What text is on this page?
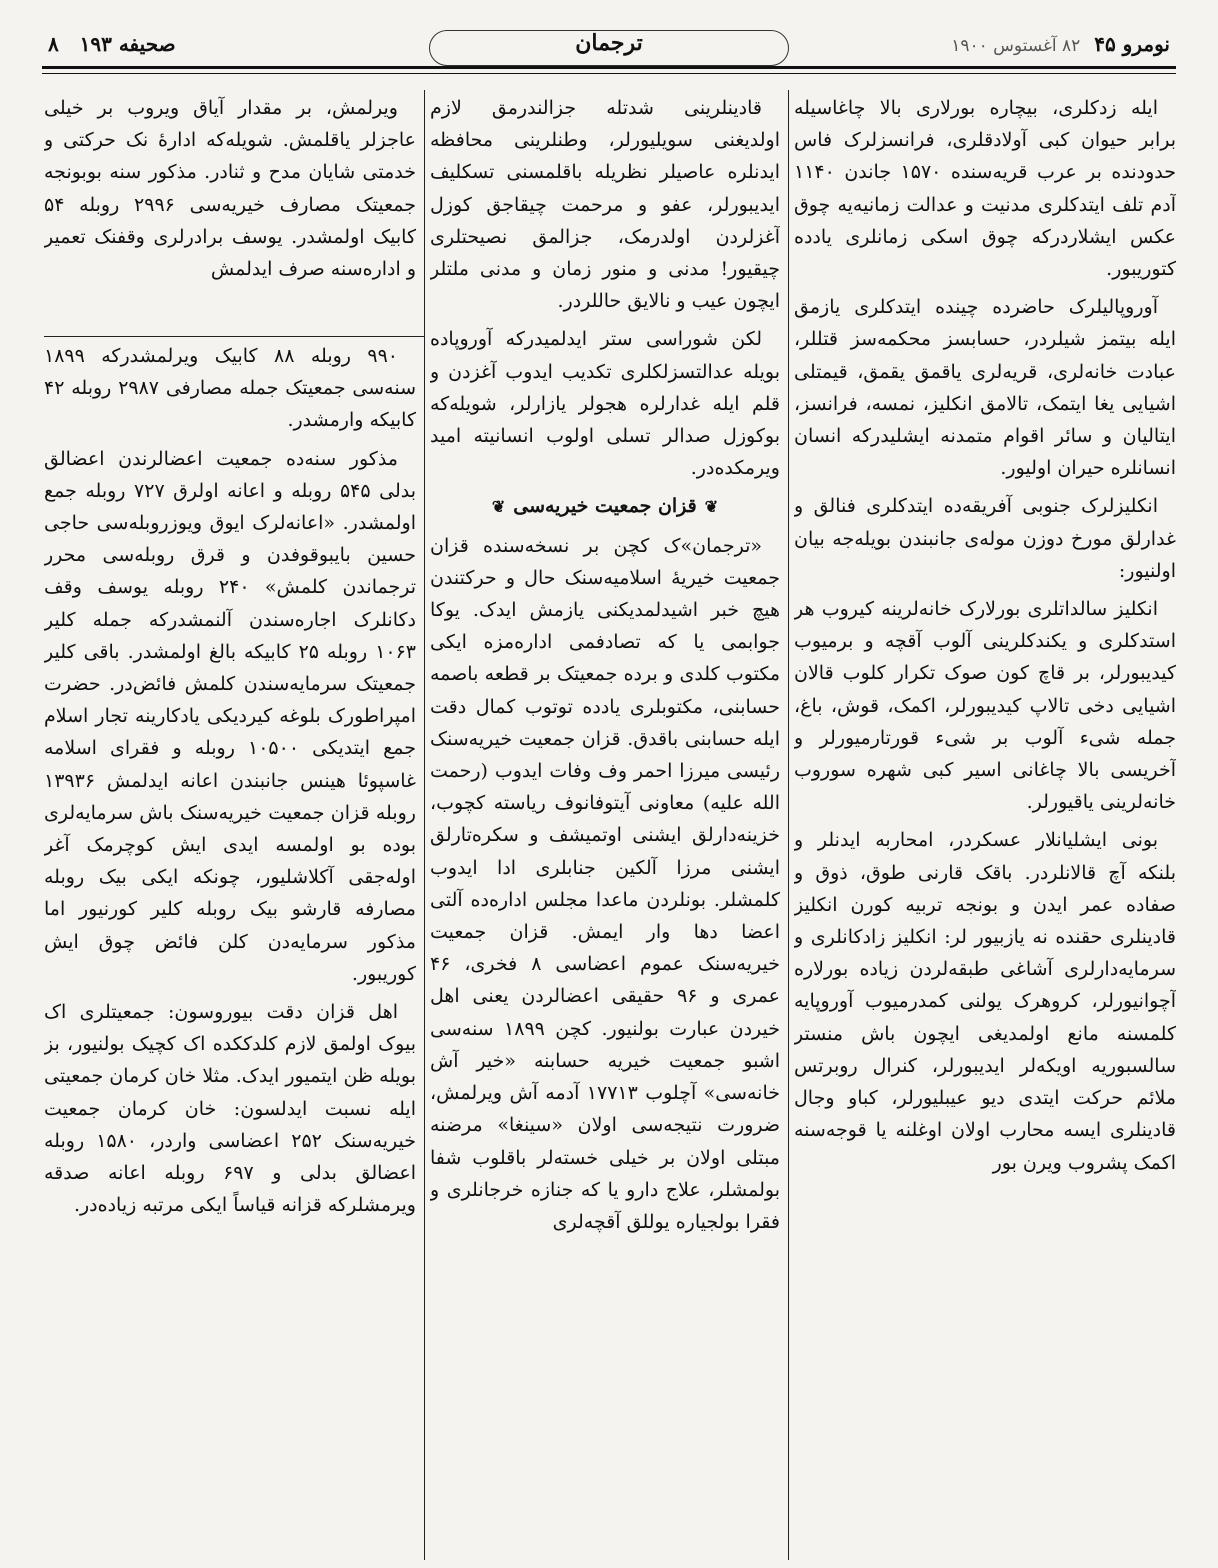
نومرو ۴۵  ۸۲ آغستوس ۱۹۰۰
ترجمان
صحیفه ۱۹۳   ۸

ایله زدکلری، بیچاره بورلاری بالا چاغاسیله برابر حیوان کبی آولادقلری، فرانسزلرک فاس حدودنده بر عرب قریه‌سنده ۱۵۷۰ جاندن ۱۱۴۰ آدم تلف ایتدکلری مدنیت و عدالت زمانیه‌یه چوق عکس ایشلاردرکه چوق اسکی زمانلری یادده کتوریبور.

آوروپالیلرک حاضرده چینده ایتدکلری یازمق ایله بیتمز شیلردر، حسابسز محکمه‌سز قتللر، عبادت خانه‌لری، قریه‌لری یاقمق یقمق، قیمتلی اشیایی یغا ایتمک، تالامق انکلیز، نمسه، فرانسز، ایتالیان و سائر اقوام متمدنه ایشلیدرکه انسان انسانلره حیران اولیور.

انکلیزلرک جنوبی آفریقه‌ده ایتدکلری فنالق و غدارلق مورخ دوزن موله‌ی جانبندن بویله‌جه بیان اولنیور:

انکلیز سالداتلری بورلارک خانه‌لرینه کیروب هر استدکلری و یکندکلرینی آلوب آقچه و برمیوب کیدیبورلر، بر قاچ کون صوک تکرار کلوب قالان اشیایی دخی تالاپ کیدیبورلر، اکمک، قوش، باغ، جمله شیء آلوب بر شیء قورتارمیورلر و آخریسی بالا چاغانی اسیر کبی شهره سوروب خانه‌لرینی یاقیورلر.

بونی ایشلیانلار عسکردر، امحاربه ایدنلر و بلنکه آچ قالانلردر. باقک قارنی طوق، ذوق و صفاده عمر ایدن و بونجه تربیه کورن انکلیز قادینلری حقنده نه یازبیور لر: انکلیز زادکانلری و سرمایه‌دارلری آشاغی طبقه‌لردن زیاده بورلاره آچوانیورلر، کروهرک یولنی کمدرمیوب آوروپایه کلمسنه مانع اولمدیغی ایچون باش منستر سالسبوریه اویکه‌لر ایدیبورلر، کنرال روبرتس ملائم حرکت ایتدی دیو عیبلیورلر، کباو وجال قادینلری ایسه محارب اولان اوغلنه یا قوجه‌سنه اکمک پشروب ویرن بور

قادینلرینی شدتله جزالندرمق لازم اولدیغنی سویلیورلر، وطنلرینی محافظه ایدنلره عاصیلر نظریله باقلمسنی تسکلیف ایدیبورلر، عفو و مرحمت چیقاجق کوزل آغزلردن اولدرمک، جزالمق نصیحتلری چیقیور! مدنی و منور زمان و مدنی ملتلر ایچون عیب و نالایق حاللردر.

لکن شوراسی ستر ایدلمیدرکه آوروپاده بویله عدالتسزلکلری تکدیب ایدوب آغزدن و قلم ایله غدارلره هجولر یازارلر، شویله‌که بوکوزل صدالر تسلی اولوب انسانیته امید ویرمکده‌در.

❦قزان جمعیت خیریه‌سی❦

«ترجمان»ک کچن بر نسخه‌سنده قزان جمعیت خیریهٔ اسلامیه‌سنک حال و حرکتندن هیچ خبر اشیدلمدیکنی یازمش ایدک. یوکا جوابمی یا که تصادفمی اداره‌مزه ایکی مکتوب کلدی و برده جمعیتک بر قطعه باصمه حسابنی، مکتوبلری یادده توتوب کمال دقت ایله حسابنی باقدق. قزان جمعیت خیریه‌سنک رئیسی میرزا احمر وف وفات ایدوب (رحمت الله علیه) معاونی آیتوفانوف ریاسته کچوب، خزینه‌دارلق ایشنی اوتمیشف و سکره‌تارلق ایشنی مرزا آلکین جنابلری ادا ایدوب کلمشلر. بونلردن ماعدا مجلس اداره‌ده آلتی اعضا دها وار ایمش. قزان جمعیت خیریه‌سنک عموم اعضاسی ۸ فخری، ۴۶ عمری و ۹۶ حقیقی اعضالردن یعنی اهل خیردن عبارت بولنیور. کچن ۱۸۹۹ سنه‌سی اشبو جمعیت خیریه حسابنه «خیر آش خانه‌سی» آچلوب ۱۷۷۱۳ آدمه آش ویرلمش، ضرورت نتیجه‌سی اولان «سینغا» مرضنه مبتلی اولان بر خیلی خسته‌لر باقلوب شفا بولمشلر، علاج دارو یا که جنازه خرجانلری و فقرا بولجیاره یوللق آقچه‌لری

ویرلمش، بر مقدار آیاق ویروب بر خیلی عاجزلر یاقلمش. شویله‌که ادارهٔ نک حرکتی و خدمتی شایان مدح و ثنادر. مذکور سنه بوبونجه جمعیتک مصارف خیریه‌سی ۲۹۹۶ روبله ۵۴ کابیک اولمشدر. یوسف برادرلری وقفنک تعمیر و اداره‌سنه صرف ایدلمش

۹۹۰ روبله ۸۸ کابیک ویرلمشدرکه ۱۸۹۹ سنه‌سی جمعیتک جمله مصارفی ۲۹۸۷ روبله ۴۲ کابیکه وارمشدر.

مذکور سنه‌ده جمعیت اعضالرندن اعضالق بدلی ۵۴۵ روبله و اعانه اولرق ۷۲۷ روبله جمع اولمشدر. «اعانه‌لرک ایوق ویوزروبله‌سی حاجی حسین بایبوقوفدن و قرق روبله‌سی محرر ترجماندن کلمش» ۲۴۰ روبله یوسف وقف دکانلرک اجاره‌سندن آلنمشدرکه جمله کلیر ۱۰۶۳ روبله ۲۵ کابیکه بالغ اولمشدر. باقی کلیر جمعیتک سرمایه‌سندن کلمش فائض‌در. حضرت امپراطورک بلوغه کیردیکی یادکارینه تجار اسلام جمع ایتدیکی ۱۰۵۰۰ روبله و فقرای اسلامه غاسپوئا هینس جانبندن اعانه ایدلمش ۱۳۹۳۶ روبله قزان جمعیت خیریه‌سنک باش سرمایه‌لری بوده بو اولمسه ایدی ایش کوچرمک آغر اوله‌جقی آکلاشلیور، چونکه ایکی بیک روبله مصارفه قارشو بیک روبله کلیر کورنیور اما مذکور سرمایه‌دن کلن فائض چوق ایش کوریبور.

اهل قزان دقت بیوروسون: جمعیتلری اک بیوک اولمق لازم کلدککده اک کچیک بولنیور، بز بویله ظن ایتمیور ایدک. مثلا خان کرمان جمعیتی ایله نسبت ایدلسون: خان کرمان جمعیت خیریه‌سنک ۲۵۲ اعضاسی واردر، ۱۵۸۰ روبله اعضالق بدلی و ۶۹۷ روبله اعانه صدقه ویرمشلرکه قزانه قیاساً ایکی مرتبه زیاده‌در.
